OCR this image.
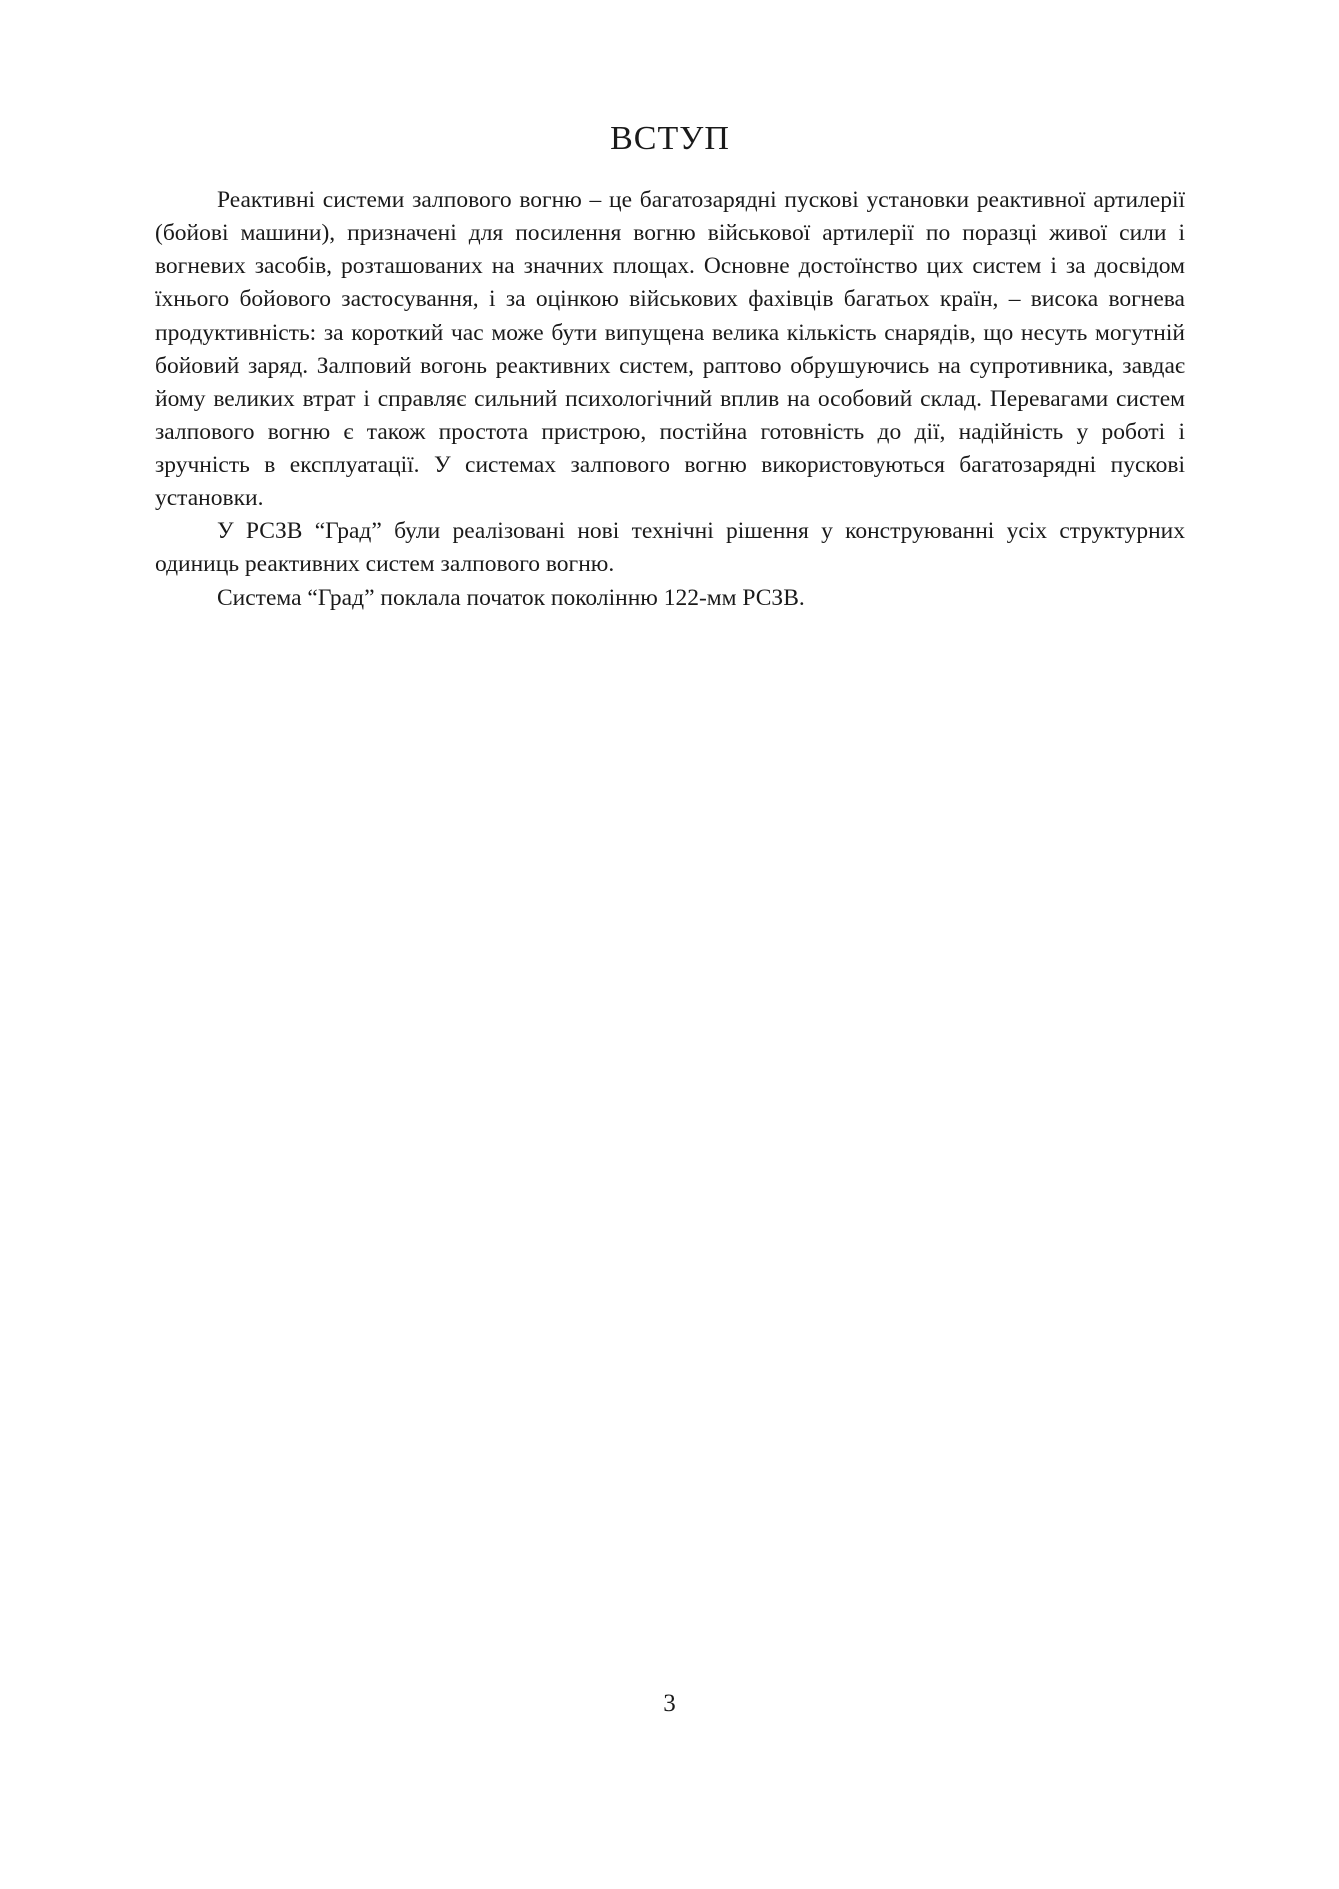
ВСТУП

Реактивні системи залпового вогню – це багатозарядні пускові установки реактивної артилерії (бойові машини), призначені для посилення вогню військової артилерії по поразці живої сили і вогневих засобів, розташованих на значних площах. Основне достоїнство цих систем і за досвідом їхнього бойового застосування, і за оцінкою військових фахівців багатьох країн, – висока вогнева продуктивність: за короткий час може бути випущена велика кількість снарядів, що несуть могутній бойовий заряд. Залповий вогонь реактивних систем, раптово обрушуючись на супротивника, завдає йому великих втрат і справляє сильний психологічний вплив на особовий склад. Перевагами систем залпового вогню є також простота пристрою, постійна готовність до дії, надійність у роботі і зручність в експлуатації. У системах залпового вогню використовуються багатозарядні пускові установки.

У РСЗВ “Град” були реалізовані нові технічні рішення у конструюванні усіх структурних одиниць реактивних систем залпового вогню.

Система “Град” поклала початок поколінню 122-мм РСЗВ.

3
